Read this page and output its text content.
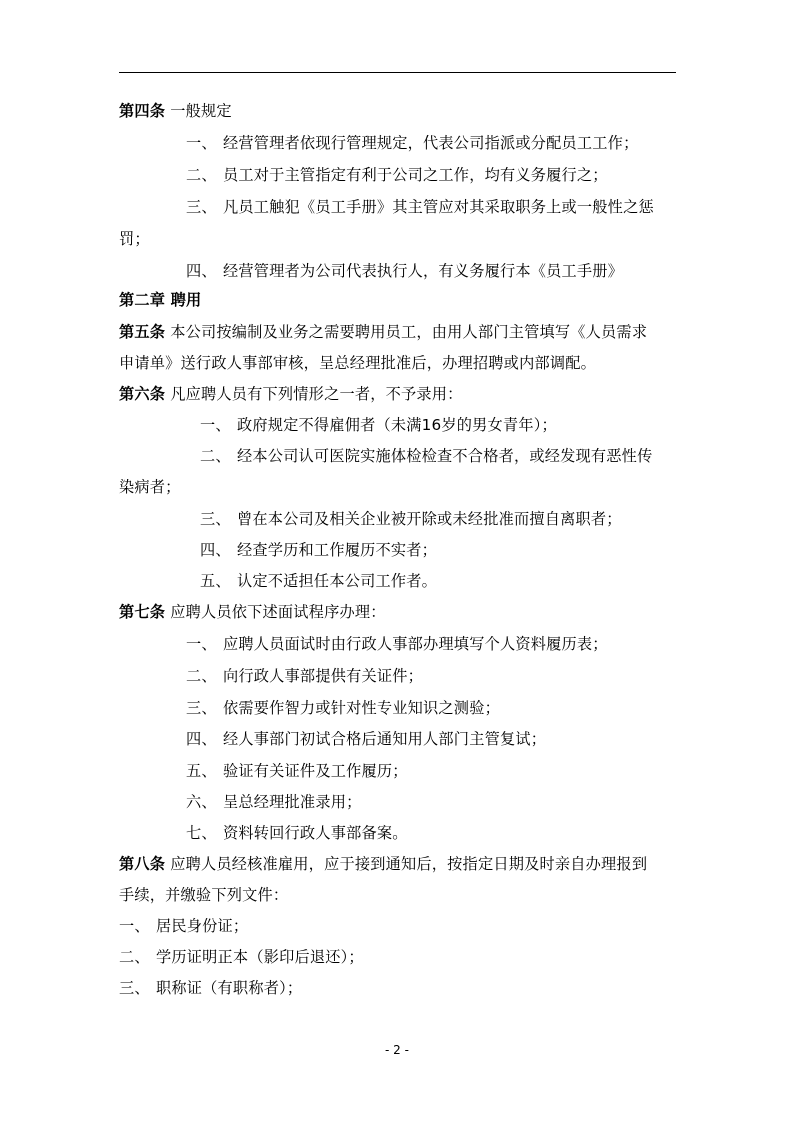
第四条 一般规定
一、 经营管理者依现行管理规定，代表公司指派或分配员工工作；
二、 员工对于主管指定有利于公司之工作，均有义务履行之；
三、 凡员工触犯《员工手册》其主管应对其采取职务上或一般性之惩
罚；
四、 经营管理者为公司代表执行人，有义务履行本《员工手册》
第二章 聘用
第五条 本公司按编制及业务之需要聘用员工，由用人部门主管填写《人员需求
申请单》送行政人事部审核，呈总经理批准后，办理招聘或内部调配。
第六条 凡应聘人员有下列情形之一者，不予录用：
一、 政府规定不得雇佣者（未满16岁的男女青年）；
二、 经本公司认可医院实施体检检查不合格者，或经发现有恶性传
染病者；
三、 曾在本公司及相关企业被开除或未经批准而擅自离职者；
四、 经查学历和工作履历不实者；
五、 认定不适担任本公司工作者。
第七条 应聘人员依下述面试程序办理：
一、 应聘人员面试时由行政人事部办理填写个人资料履历表；
二、 向行政人事部提供有关证件；
三、 依需要作智力或针对性专业知识之测验；
四、 经人事部门初试合格后通知用人部门主管复试；
五、 验证有关证件及工作履历；
六、 呈总经理批准录用；
七、 资料转回行政人事部备案。
第八条 应聘人员经核准雇用，应于接到通知后，按指定日期及时亲自办理报到
手续，并缴验下列文件：
一、 居民身份证；
二、 学历证明正本（影印后退还）；
三、 职称证（有职称者）；
- 2 -
